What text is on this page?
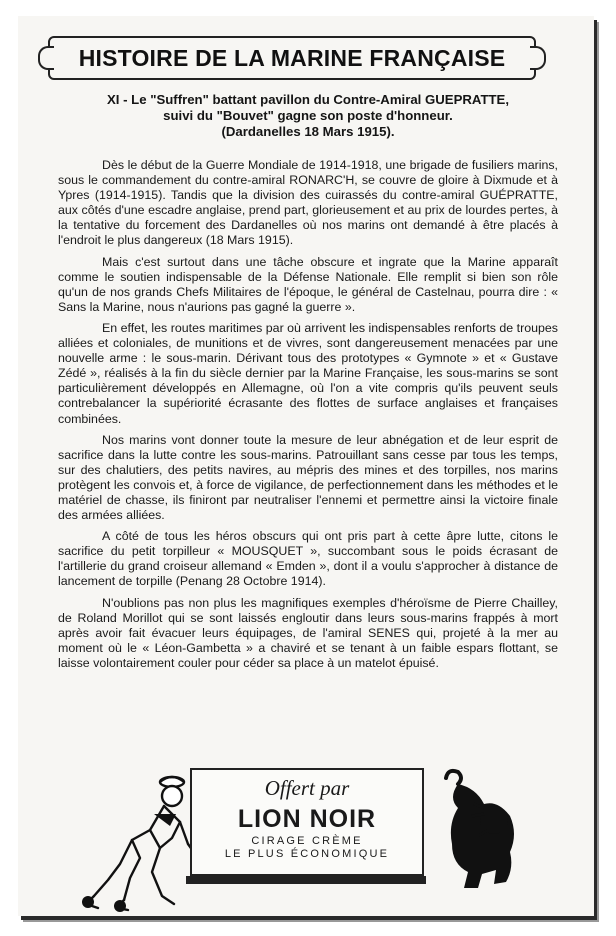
HISTOIRE DE LA MARINE FRANÇAISE
XI - Le "Suffren" battant pavillon du Contre-Amiral GUEPRATTE,
suivi du "Bouvet" gagne son poste d'honneur.
(Dardanelles 18 Mars 1915).

Dès le début de la Guerre Mondiale de 1914-1918, une brigade de fusiliers marins, sous le commandement du contre-amiral RONARC'H, se couvre de gloire à Dixmude et à Ypres (1914-1915). Tandis que la division des cuirassés du contre-amiral GUÉPRATTE, aux côtés d'une escadre anglaise, prend part, glorieusement et au prix de lourdes pertes, à la tentative du forcement des Dardanelles où nos marins ont demandé à être placés à l'endroit le plus dangereux (18 Mars 1915).

Mais c'est surtout dans une tâche obscure et ingrate que la Marine apparaît comme le soutien indispensable de la Défense Nationale. Elle remplit si bien son rôle qu'un de nos grands Chefs Militaires de l'époque, le général de Castelnau, pourra dire : « Sans la Marine, nous n'aurions pas gagné la guerre ».

En effet, les routes maritimes par où arrivent les indispensables renforts de troupes alliées et coloniales, de munitions et de vivres, sont dangereusement menacées par une nouvelle arme : le sous-marin. Dérivant tous des prototypes « Gymnote » et « Gustave Zédé », réalisés à la fin du siècle dernier par la Marine Française, les sous-marins se sont particulièrement développés en Allemagne, où l'on a vite compris qu'ils peuvent seuls contrebalancer la supériorité écrasante des flottes de surface anglaises et françaises combinées.

Nos marins vont donner toute la mesure de leur abnégation et de leur esprit de sacrifice dans la lutte contre les sous-marins. Patrouillant sans cesse par tous les temps, sur des chalutiers, des petits navires, au mépris des mines et des torpilles, nos marins protègent les convois et, à force de vigilance, de perfectionnement dans les méthodes et le matériel de chasse, ils finiront par neutraliser l'ennemi et permettre ainsi la victoire finale des armées alliées.

A côté de tous les héros obscurs qui ont pris part à cette âpre lutte, citons le sacrifice du petit torpilleur « MOUSQUET », succombant sous le poids écrasant de l'artillerie du grand croiseur allemand « Emden », dont il a voulu s'approcher à distance de lancement de torpille (Penang 28 Octobre 1914).

N'oublions pas non plus les magnifiques exemples d'héroïsme de Pierre Chailley, de Roland Morillot qui se sont laissés engloutir dans leurs sous-marins frappés à mort après avoir fait évacuer leurs équipages, de l'amiral SENES qui, projeté à la mer au moment où le « Léon-Gambetta » a chaviré et se tenant à un faible espars flottant, se laisse volontairement couler pour céder sa place à un matelot épuisé.

Offert par
LION NOIR
CIRAGE CRÈME
LE PLUS ÉCONOMIQUE
